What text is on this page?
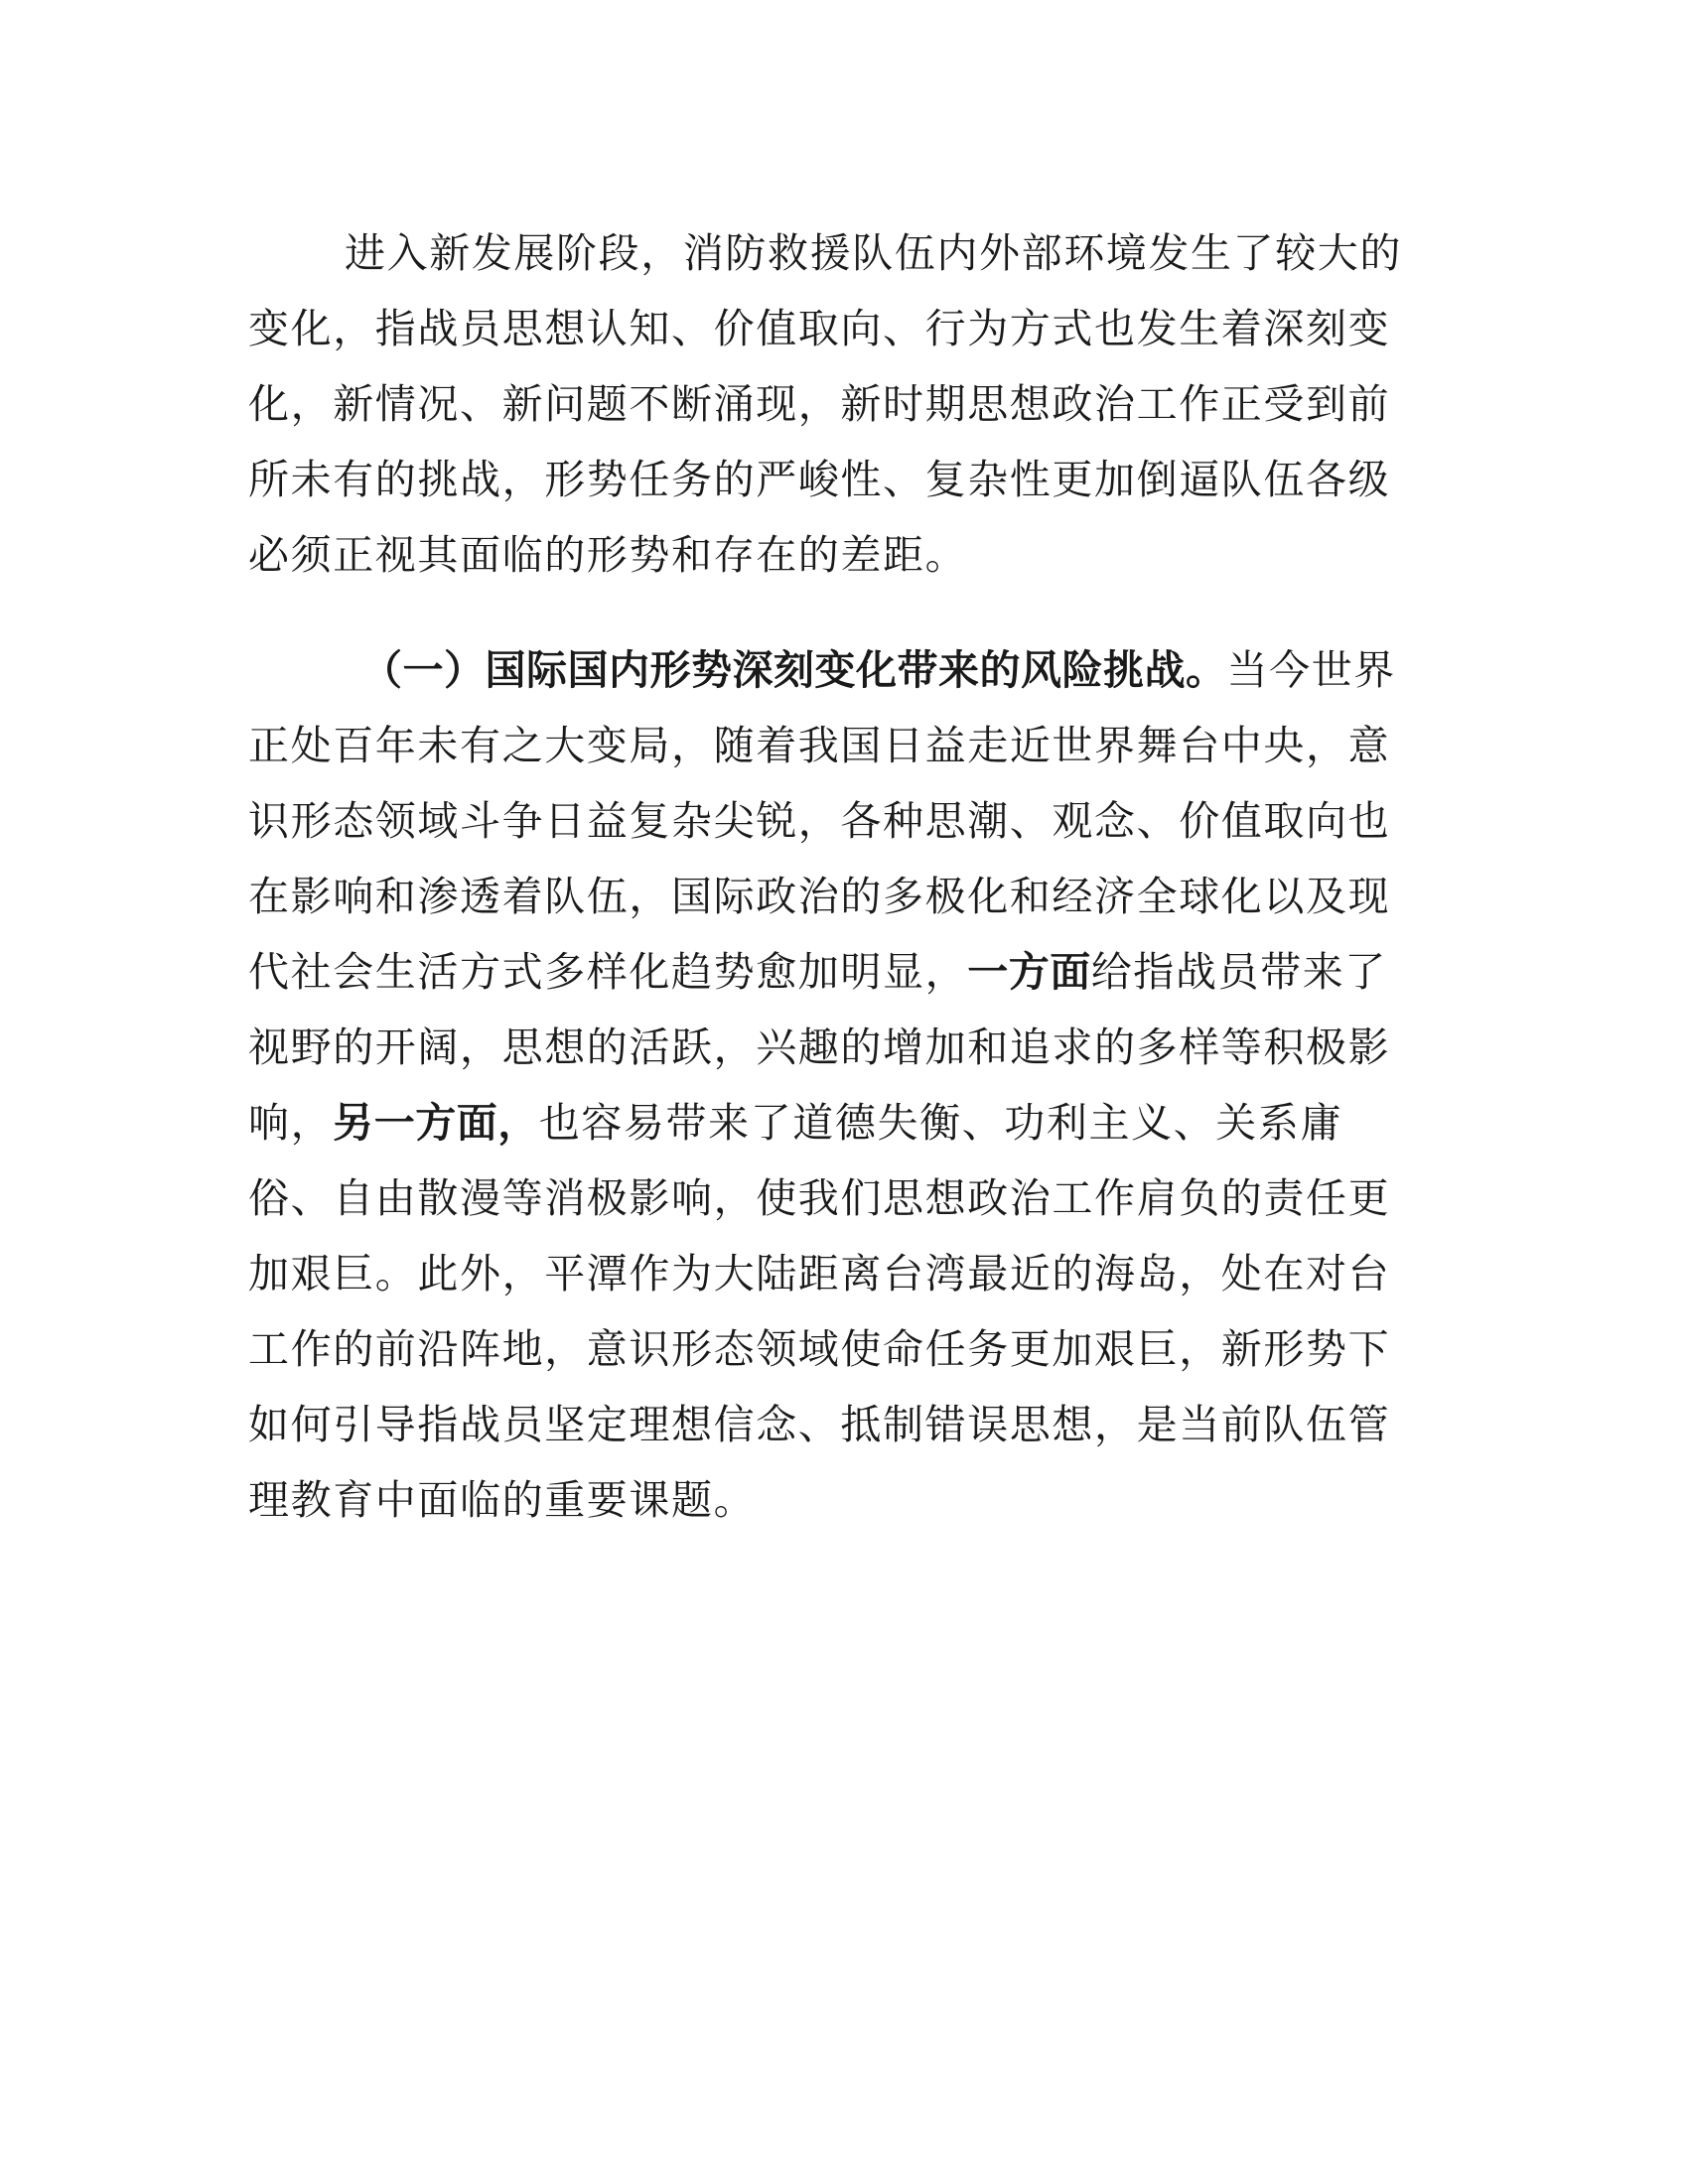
进入新发展阶段，消防救援队伍内外部环境发生了较大的
变化，指战员思想认知、价值取向、行为方式也发生着深刻变
化，新情况、新问题不断涌现，新时期思想政治工作正受到前
所未有的挑战，形势任务的严峻性、复杂性更加倒逼队伍各级
必须正视其面临的形势和存在的差距。
（一）国际国内形势深刻变化带来的风险挑战。当今世界
正处百年未有之大变局，随着我国日益走近世界舞台中央，意
识形态领域斗争日益复杂尖锐，各种思潮、观念、价值取向也
在影响和渗透着队伍，国际政治的多极化和经济全球化以及现
代社会生活方式多样化趋势愈加明显，一方面给指战员带来了
视野的开阔，思想的活跃，兴趣的增加和追求的多样等积极影
响，另一方面，也容易带来了道德失衡、功利主义、关系庸
俗、自由散漫等消极影响，使我们思想政治工作肩负的责任更
加艰巨。此外，平潭作为大陆距离台湾最近的海岛，处在对台
工作的前沿阵地，意识形态领域使命任务更加艰巨，新形势下
如何引导指战员坚定理想信念、抵制错误思想，是当前队伍管
理教育中面临的重要课题。
